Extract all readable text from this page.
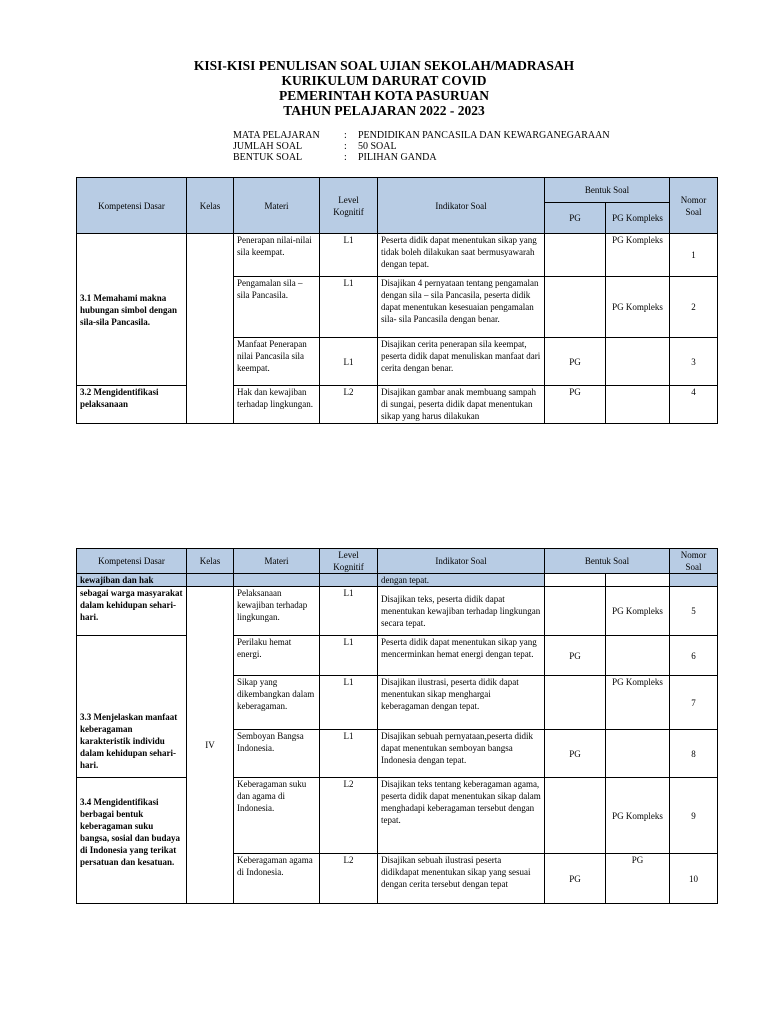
KISI-KISI PENULISAN SOAL UJIAN SEKOLAH/MADRASAH
KURIKULUM DARURAT COVID
PEMERINTAH KOTA PASURUAN
TAHUN PELAJARAN 2022 - 2023
MATA PELAJARAN	:	PENDIDIKAN PANCASILA DAN KEWARGANEGARAAN
JUMLAH SOAL	:	50 SOAL
BENTUK SOAL	:	PILIHAN GANDA
Kompetensi Dasar	Kelas	Materi	Level Kognitif	Indikator Soal	Bentuk Soal		Nomor Soal
					PG	PG Kompleks	
3.1 Memahami makna hubungan simbol dengan sila-sila Pancasila.		Penerapan nilai-nilai sila keempat.	L1	Peserta didik dapat menentukan sikap yang tidak boleh dilakukan saat bermusyawarah dengan tepat.		PG Kompleks	1
		Pengamalan sila – sila Pancasila.	L1	Disajikan 4 pernyataan tentang pengamalan dengan sila – sila Pancasila, peserta didik dapat menentukan kesesuaian pengamalan sila- sila Pancasila dengan benar.		PG Kompleks	2
		Manfaat Penerapan nilai Pancasila sila keempat.	L1	Disajikan cerita penerapan sila keempat, peserta didik dapat menuliskan manfaat dari cerita dengan benar.	PG		3
3.2 Mengidentifikasi pelaksanaan		Hak dan kewajiban terhadap lingkungan.	L2	Disajikan gambar anak membuang sampah di sungai, peserta didik dapat menentukan sikap yang harus dilakukan	PG		4
Kompetensi Dasar	Kelas	Materi	Level Kognitif	Indikator Soal	Bentuk Soal		Nomor Soal
kewajiban dan hak				dengan tepat.			
sebagai warga masyarakat dalam kehidupan sehari-hari.	IV	Pelaksanaan kewajiban terhadap lingkungan.	L1	Disajikan teks, peserta didik dapat menentukan kewajiban terhadap lingkungan secara tepat.		PG Kompleks	5
3.3 Menjelaskan manfaat keberagaman karakteristik individu dalam kehidupan sehari-hari.		Perilaku hemat energi.	L1	Peserta didik dapat menentukan sikap yang mencerminkan hemat energi dengan tepat.	PG		6
		Sikap yang dikembangkan dalam keberagaman.	L1	Disajikan ilustrasi, peserta didik dapat menentukan sikap menghargai keberagaman dengan tepat.		PG Kompleks	7
		Semboyan Bangsa Indonesia.	L1	Disajikan sebuah pernyataan,peserta didik dapat menentukan semboyan bangsa Indonesia dengan tepat.	PG		8
3.4 Mengidentifikasi berbagai bentuk keberagaman suku bangsa, sosial dan budaya di Indonesia yang terikat persatuan dan kesatuan.		Keberagaman suku dan agama di Indonesia.	L2	Disajikan teks tentang keberagaman agama, peserta didik dapat menentukan sikap dalam menghadapi keberagaman tersebut dengan tepat.		PG Kompleks	9
		Keberagaman agama di Indonesia.	L2	Disajikan sebuah ilustrasi peserta didikdapat menentukan sikap yang sesuai dengan cerita tersebut dengan tepat	PG	PG	10
